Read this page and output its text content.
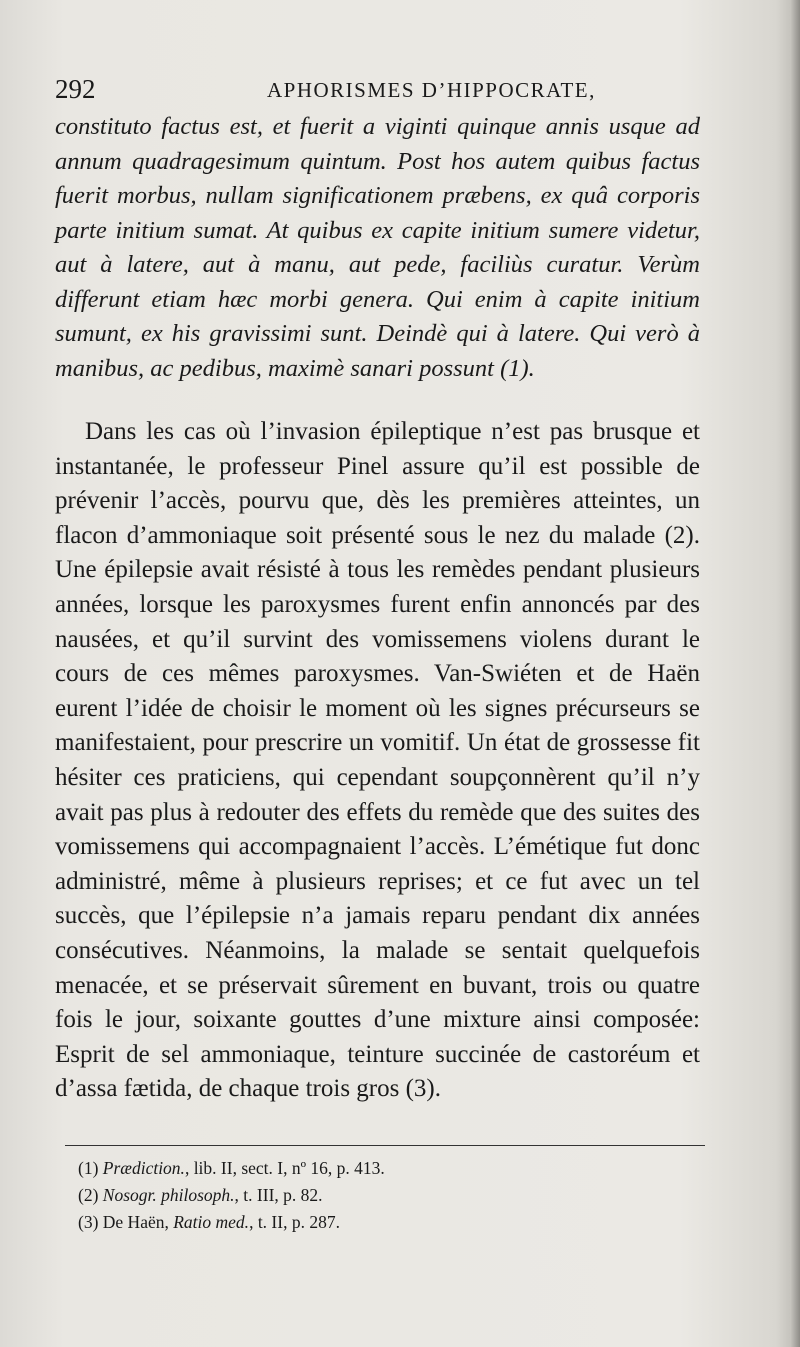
292	APHORISMES D’HIPPOCRATE,

constituto factus est, et fuerit a viginti quinque annis usque ad annum quadragesimum quintum. Post hos autem quibus factus fuerit morbus, nullam significationem præbens, ex quâ corporis parte initium sumat. At quibus ex capite initium sumere videtur, aut à latere, aut à manu, aut pede, faciliùs curatur. Verùm differunt etiam hæc morbi genera. Qui enim à capite initium sumunt, ex his gravissimi sunt. Deindè qui à latere. Qui verò à manibus, ac pedibus, maximè sanari possunt (1).

Dans les cas où l’invasion épileptique n’est pas brusque et instantanée, le professeur Pinel assure qu’il est possible de prévenir l’accès, pourvu que, dès les premières atteintes, un flacon d’ammoniaque soit présenté sous le nez du malade (2). Une épilepsie avait résisté à tous les remèdes pendant plusieurs années, lorsque les paroxysmes furent enfin annoncés par des nausées, et qu’il survint des vomissemens violens durant le cours de ces mêmes paroxysmes. Van-Swiéten et de Haën eurent l’idée de choisir le moment où les signes précurseurs se manifestaient, pour prescrire un vomitif. Un état de grossesse fit hésiter ces praticiens, qui cependant soupçonnèrent qu’il n’y avait pas plus à redouter des effets du remède que des suites des vomissemens qui accompagnaient l’accès. L’émétique fut donc administré, même à plusieurs reprises; et ce fut avec un tel succès, que l’épilepsie n’a jamais reparu pendant dix années consécutives. Néanmoins, la malade se sentait quelquefois menacée, et se préservait sûrement en buvant, trois ou quatre fois le jour, soixante gouttes d’une mixture ainsi composée: Esprit de sel ammoniaque, teinture succinée de castoréum et d’assa fætida, de chaque trois gros (3).

(1) Prædiction., lib. II, sect. I, nº 16, p. 413.
(2) Nosogr. philosoph., t. III, p. 82.
(3) De Haën, Ratio med., t. II, p. 287.
